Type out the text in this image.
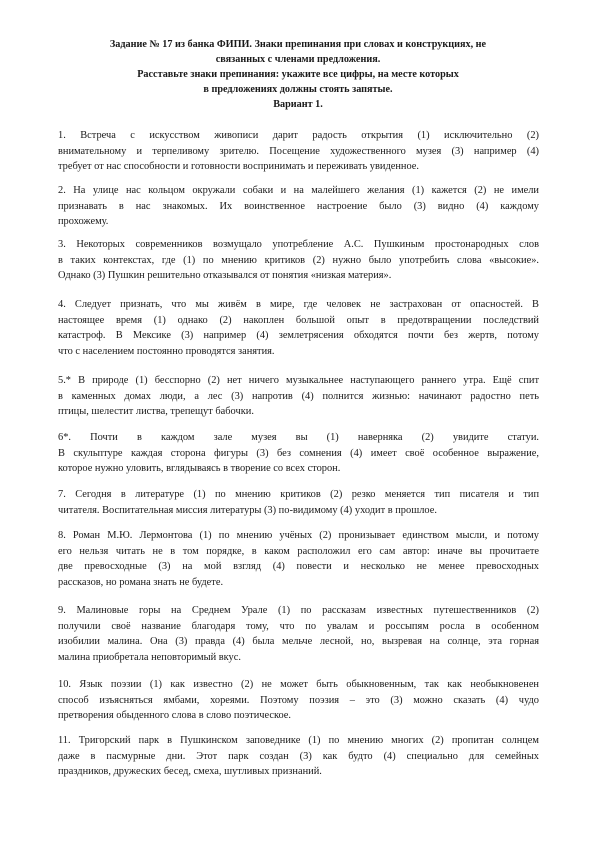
Задание № 17 из банка ФИПИ. Знаки препинания при словах и конструкциях, не
связанных с членами предложения.
Расставьте знаки препинания: укажите все цифры, на месте которых
в предложениях должны стоять запятые.
Вариант 1.
1. Встреча с искусством живописи дарит радость открытия (1) исключительно (2)
внимательному и терпеливому зрителю. Посещение художественного музея (3) например (4)
требует от нас способности и готовности воспринимать и переживать увиденное.
2. На улице нас кольцом окружали собаки и на малейшего желания (1) кажется (2) не имели
признавать в нас знакомых. Их воинственное настроение было (3) видно (4) каждому
прохожему.
3. Некоторых современников возмущало употребление А.С. Пушкиным простонародных слов
в таких контекстах, где (1) по мнению критиков (2) нужно было употребить слова «высокие».
Однако (3) Пушкин решительно отказывался от понятия «низкая материя».
4. Следует признать, что мы живём в мире, где человек не застрахован от опасностей. В
настоящее время (1) однако (2) накоплен большой опыт в предотвращении последствий
катастроф. В Мексике (3) например (4) землетрясения обходятся почти без жертв, потому
что с населением постоянно проводятся занятия.
5.* В природе (1) бесспорно (2) нет ничего музыкальнее наступающего раннего утра. Ещё спит
в каменных домах люди, а лес (3) напротив (4) полнится жизнью: начинают радостно петь
птицы, шелестит листва, трепещут бабочки.
6*. Почти в каждом зале музея вы (1) наверняка (2) увидите статуи.
В скульптуре каждая сторона фигуры (3) без сомнения (4) имеет своё особенное выражение,
которое нужно уловить, вглядываясь в творение со всех сторон.
7. Сегодня в литературе (1) по мнению критиков (2) резко меняется тип писателя и тип
читателя. Воспитательная миссия литературы (3) по-видимому (4) уходит в прошлое.
8. Роман М.Ю. Лермонтова (1) по мнению учёных (2) пронизывает единством мысли, и потому
его нельзя читать не в том порядке, в каком расположил его сам автор: иначе вы прочитаете
две превосходные (3) на мой взгляд (4) повести и несколько не менее превосходных
рассказов, но романа знать не будете.
9. Малиновые горы на Среднем Урале (1) по рассказам известных путешественников (2)
получили своё название благодаря тому, что по увалам и россыпям росла в особенном
изобилии малина. Она (3) правда (4) была мельче лесной, но, вызревая на солнце, эта горная
малина приобретала неповторимый вкус.
10. Язык поэзии (1) как известно (2) не может быть обыкновенным, так как необыкновенен
способ изъясняться ямбами, хореями. Поэтому поэзия – это (3) можно сказать (4) чудо
претворения обыденного слова в слово поэтическое.
11. Тригорский парк в Пушкинском заповеднике (1) по мнению многих (2) пропитан солнцем
даже в пасмурные дни. Этот парк создан (3) как будто (4) специально для семейных
праздников, дружеских бесед, смеха, шутливых признаний.
